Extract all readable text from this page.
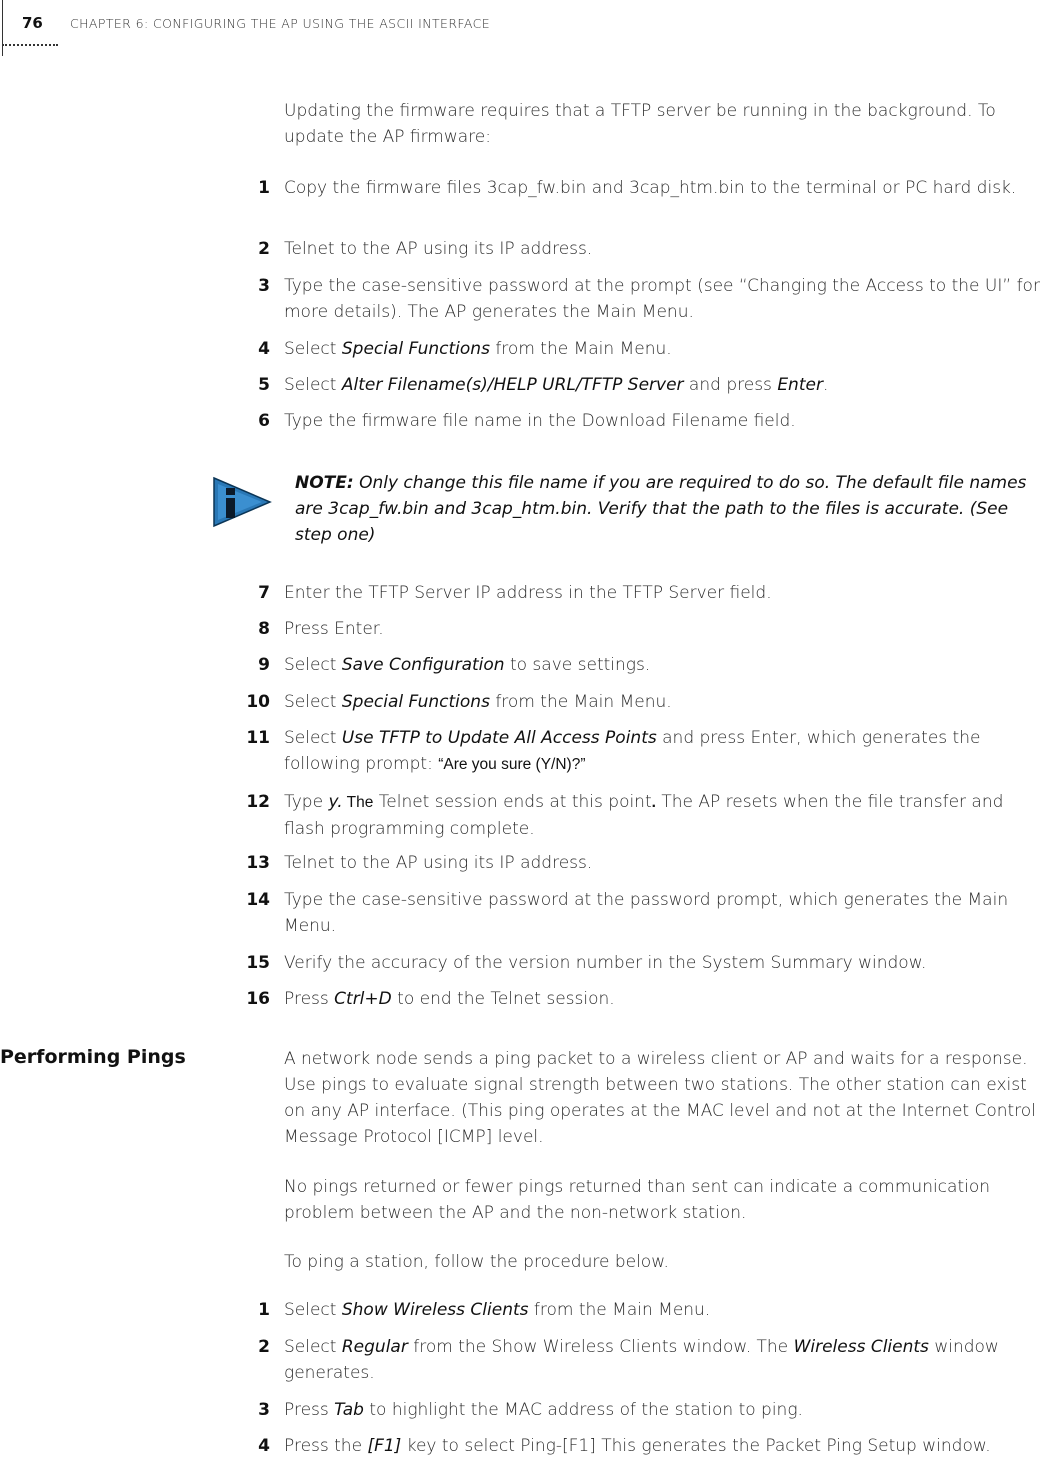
76 CHAPTER 6: CONFIGURING THE AP USING THE ASCII INTERFACE
Updating the firmware requires that a TFTP server be running in the background. To update the AP firmware:
1 Copy the firmware files 3cap_fw.bin and 3cap_htm.bin to the terminal or PC hard disk.
2 Telnet to the AP using its IP address.
3 Type the case-sensitive password at the prompt (see “Changing the Access to the UI” for more details). The AP generates the Main Menu.
4 Select Special Functions from the Main Menu.
5 Select Alter Filename(s)/HELP URL/TFTP Server and press Enter.
6 Type the firmware file name in the Download Filename field.
NOTE: Only change this file name if you are required to do so. The default file names are 3cap_fw.bin and 3cap_htm.bin. Verify that the path to the files is accurate. (See step one)
7 Enter the TFTP Server IP address in the TFTP Server field.
8 Press Enter.
9 Select Save Configuration to save settings.
10 Select Special Functions from the Main Menu.
11 Select Use TFTP to Update All Access Points and press Enter, which generates the following prompt: “Are you sure (Y/N)?”
12 Type y. The Telnet session ends at this point. The AP resets when the file transfer and flash programming complete.
13 Telnet to the AP using its IP address.
14 Type the case-sensitive password at the password prompt, which generates the Main Menu.
15 Verify the accuracy of the version number in the System Summary window.
16 Press Ctrl+D to end the Telnet session.
Performing Pings	A network node sends a ping packet to a wireless client or AP and waits for a response. Use pings to evaluate signal strength between two stations. The other station can exist on any AP interface. (This ping operates at the MAC level and not at the Internet Control Message Protocol [ICMP] level.
No pings returned or fewer pings returned than sent can indicate a communication problem between the AP and the non-network station.
To ping a station, follow the procedure below.
1 Select Show Wireless Clients from the Main Menu.
2 Select Regular from the Show Wireless Clients window. The Wireless Clients window generates.
3 Press Tab to highlight the MAC address of the station to ping.
4 Press the [F1] key to select Ping-[F1] This generates the Packet Ping Setup window.
